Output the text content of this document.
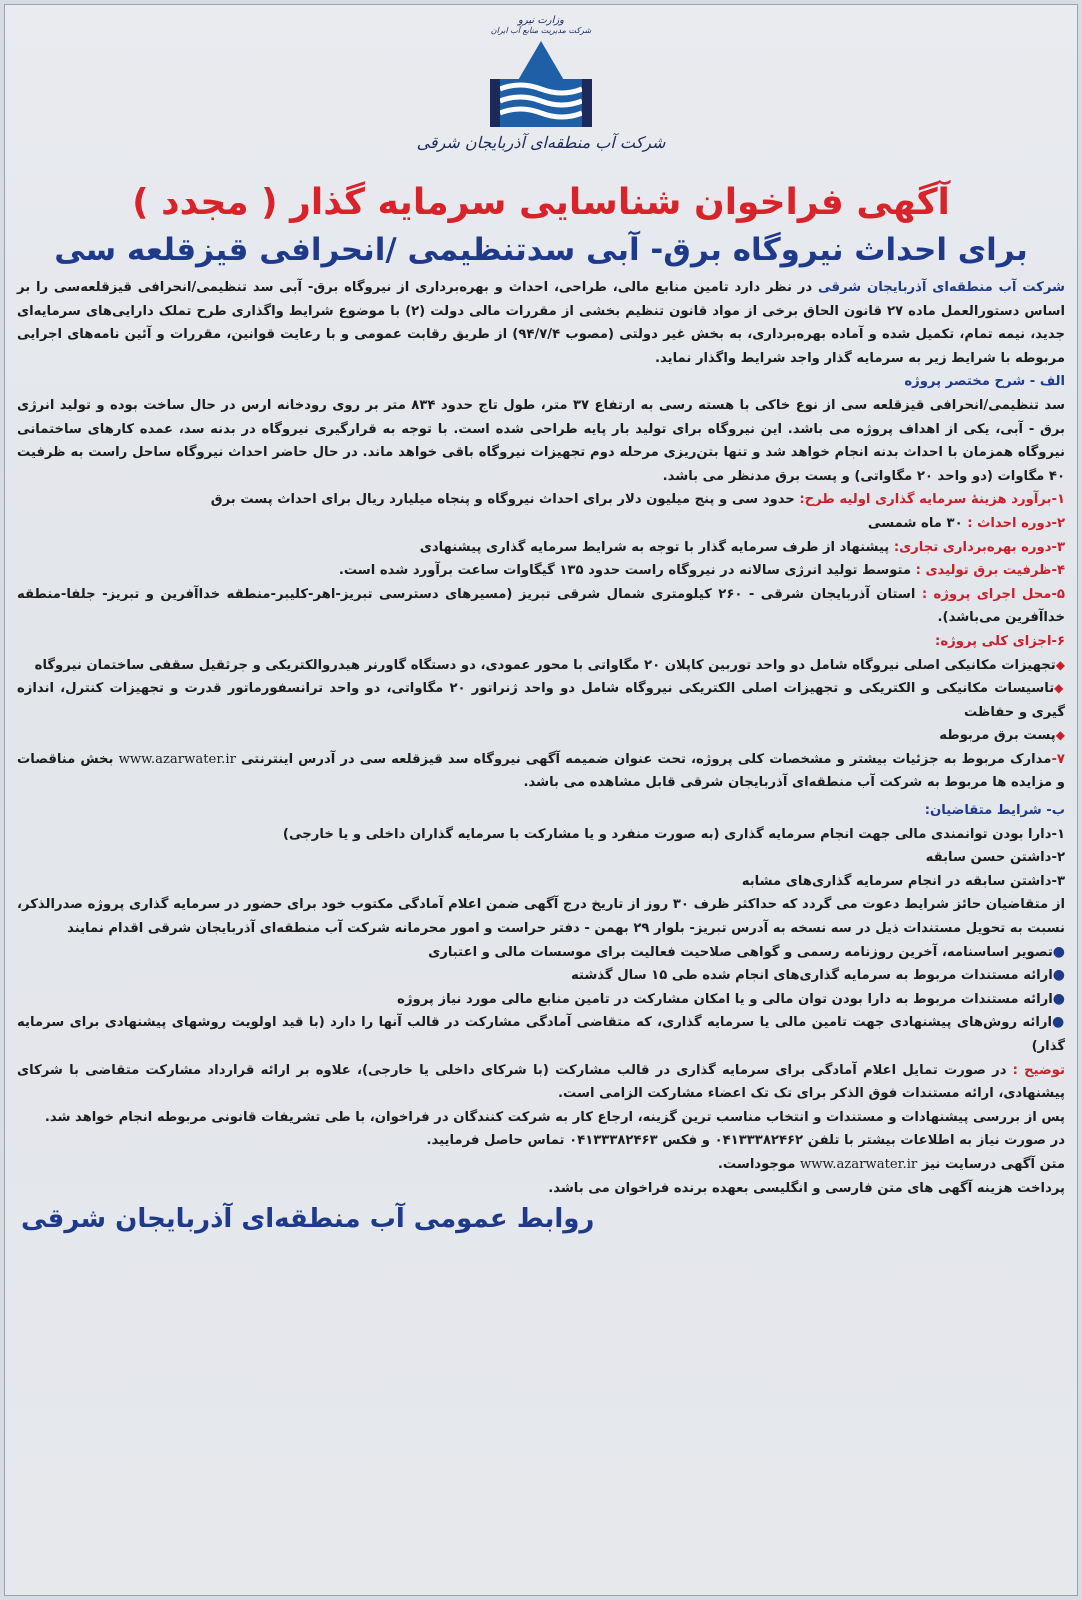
وزارت نیرو
شرکت مدیریت منابع آب ایران
شرکت آب منطقه‌ای آذربایجان شرقی
آگهی فراخوان شناسایی سرمایه گذار ( مجدد )
برای احداث نیروگاه برق- آبی سدتنظیمی /انحرافی قیزقلعه سی

شرکت آب منطقه‌ای آذربایجان شرقی در نظر دارد تامین منابع مالی، طراحی، احداث و بهره‌برداری از نیروگاه برق- آبی سد تنظیمی/انحرافی قیزقلعه‌سی را بر اساس دستورالعمل ماده ۲۷ قانون الحاق برخی از مواد قانون تنظیم بخشی از مقررات مالی دولت (۲) با موضوع شرایط واگذاری طرح تملک دارایی‌های سرمایه‌ای جدید، نیمه تمام، تکمیل شده و آماده بهره‌برداری، به بخش غیر دولتی (مصوب ۹۴/۷/۴) از طریق رقابت عمومی و با رعایت قوانین، مقررات و آئین نامه‌های اجرایی مربوطه با شرایط زیر به سرمایه گذار واجد شرایط واگذار نماید.

الف - شرح مختصر پروژه

سد تنظیمی/انحرافی قیزقلعه سی از نوع خاکی با هسته رسی به ارتفاع ۳۷ متر، طول تاج حدود ۸۳۴ متر بر روی رودخانه ارس در حال ساخت بوده و تولید انرژی برق - آبی، یکی از اهداف پروژه می باشد. این نیروگاه برای تولید بار پایه طراحی شده است. با توجه به قرارگیری نیروگاه در بدنه سد، عمده کارهای ساختمانی نیروگاه همزمان با احداث بدنه انجام خواهد شد و تنها بتن‌ریزی مرحله دوم تجهیزات نیروگاه باقی خواهد ماند. در حال حاضر احداث نیروگاه ساحل راست به ظرفیت ۴۰ مگاوات (دو واحد ۲۰ مگاواتی) و پست برق مدنظر می باشد.

۱-برآورد هزینهٔ سرمایه گذاری اولیه طرح: حدود سی و پنج میلیون دلار برای احداث نیروگاه و پنجاه میلیارد ریال برای احداث پست برق

۲-دوره احداث : ۳۰ ماه شمسی

۳-دوره بهره‌برداری تجاری: پیشنهاد از طرف سرمایه گذار با توجه به شرایط سرمایه گذاری پیشنهادی

۴-ظرفیت برق تولیدی : متوسط تولید انرژی سالانه در نیروگاه راست حدود ۱۳۵ گیگاوات ساعت برآورد شده است.

۵-محل اجرای پروژه : استان آذربایجان شرقی - ۲۶۰ کیلومتری شمال شرقی تبریز (مسیرهای دسترسی تبریز-اهر-کلیبر-منطقه خداآفرین و تبریز- جلفا-منطقه خداآفرین می‌باشد).

۶-اجزای کلی پروژه:

◆تجهیزات مکانیکی اصلی نیروگاه شامل دو واحد توربین کاپلان ۲۰ مگاواتی با محور عمودی، دو دستگاه گاورنر هیدروالکتریکی و جرثقیل سقفی ساختمان نیروگاه

◆تاسیسات مکانیکی و الکتریکی و تجهیزات اصلی الکتریکی نیروگاه شامل دو واحد ژنراتور ۲۰ مگاواتی، دو واحد ترانسفورماتور قدرت و تجهیزات کنترل، اندازه گیری و حفاظت

◆پست برق مربوطه

۷-مدارک مربوط به جزئیات بیشتر و مشخصات کلی پروژه، تحت عنوان ضمیمه آگهی نیروگاه سد قیزقلعه سی در آدرس اینترنتی www.azarwater.ir بخش مناقصات و مزایده ها مربوط به شرکت آب منطقه‌ای آذربایجان شرقی قابل مشاهده می باشد.

ب- شرایط متقاضیان:

۱-دارا بودن توانمندی مالی جهت انجام سرمایه گذاری (به صورت منفرد و یا مشارکت با سرمایه گذاران داخلی و یا خارجی)

۲-داشتن حسن سابقه

۳-داشتن سابقه در انجام سرمایه گذاری‌های مشابه

از متقاضیان حائز شرایط دعوت می گردد که حداکثر ظرف ۳۰ روز از تاریخ درج آگهی ضمن اعلام آمادگی مکتوب خود برای حضور در سرمایه گذاری پروژه صدرالذکر، نسبت به تحویل مستندات ذیل در سه نسخه به آدرس تبریز- بلوار ۲۹ بهمن - دفتر حراست و امور محرمانه شرکت آب منطقه‌ای آذربایجان شرقی اقدام نمایند

●تصویر اساسنامه، آخرین روزنامه رسمی و گواهی صلاحیت فعالیت برای موسسات مالی و اعتباری

●ارائه مستندات مربوط به سرمایه گذاری‌های انجام شده طی ۱۵ سال گذشته

●ارائه مستندات مربوط به دارا بودن توان مالی و یا امکان مشارکت در تامین منابع مالی مورد نیاز پروژه

●ارائه روش‌های پیشنهادی جهت تامین مالی یا سرمایه گذاری، که متقاضی آمادگی مشارکت در قالب آنها را دارد (با قید اولویت روشهای پیشنهادی برای سرمایه گذار)

توضیح : در صورت تمایل اعلام آمادگی برای سرمایه گذاری در قالب مشارکت (با شرکای داخلی یا خارجی)، علاوه بر ارائه قرارداد مشارکت متقاضی با شرکای پیشنهادی، ارائه مستندات فوق الذکر برای تک تک اعضاء مشارکت الزامی است.

پس از بررسی پیشنهادات و مستندات و انتخاب مناسب ترین گزینه، ارجاع کار به شرکت کنندگان در فراخوان، با طی تشریفات قانونی مربوطه انجام خواهد شد.

در صورت نیاز به اطلاعات بیشتر با تلفن ۰۴۱۳۳۳۸۲۴۶۲ و فکس ۰۴۱۳۳۳۸۲۴۶۳ تماس حاصل فرمایید.

متن آگهی درسایت نیز www.azarwater.ir موجوداست.

پرداخت هزینه آگهی های متن فارسی و انگلیسی بعهده برنده فراخوان می باشد.

روابط عمومی آب منطقه‌ای آذربایجان شرقی
